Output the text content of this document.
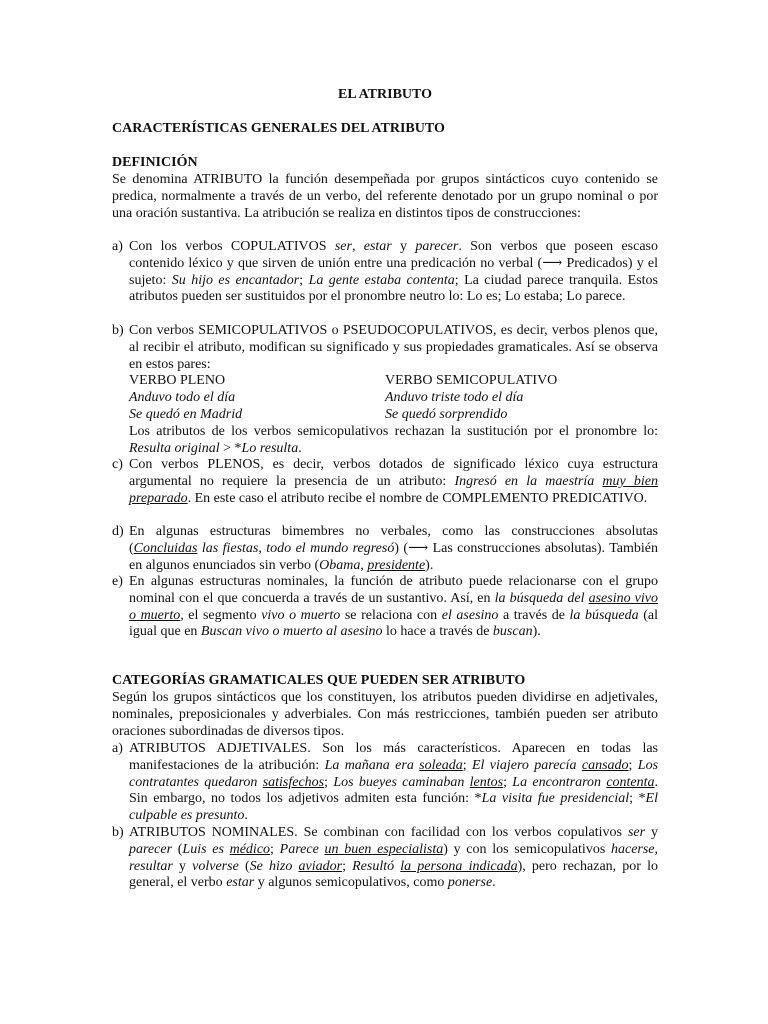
EL ATRIBUTO
CARACTERÍSTICAS GENERALES DEL ATRIBUTO
DEFINICIÓN
Se denomina ATRIBUTO la función desempeñada por grupos sintácticos cuyo contenido se predica, normalmente a través de un verbo, del referente denotado por un grupo nominal o por una oración sustantiva. La atribución se realiza en distintos tipos de construcciones:
a) Con los verbos COPULATIVOS ser, estar y parecer. Son verbos que poseen escaso contenido léxico y que sirven de unión entre una predicación no verbal (⟶ Predicados) y el sujeto: Su hijo es encantador; La gente estaba contenta; La ciudad parece tranquila. Estos atributos pueden ser sustituidos por el pronombre neutro lo: Lo es; Lo estaba; Lo parece.
b) Con verbos SEMICOPULATIVOS o PSEUDOCOPULATIVOS, es decir, verbos plenos que, al recibir el atributo, modifican su significado y sus propiedades gramaticales. Así se observa en estos pares:

VERBO PLENO	VERBO SEMICOPULATIVO
Anduvo todo el día	Anduvo triste todo el día
Se quedó en Madrid	Se quedó sorprendido

Los atributos de los verbos semicopulativos rechazan la sustitución por el pronombre lo: Resulta original > *Lo resulta.

c) Con verbos PLENOS, es decir, verbos dotados de significado léxico cuya estructura argumental no requiere la presencia de un atributo: Ingresó en la maestría muy bien preparado. En este caso el atributo recibe el nombre de COMPLEMENTO PREDICATIVO.
d) En algunas estructuras bimembres no verbales, como las construcciones absolutas (Concluidas las fiestas, todo el mundo regresó) (⟶ Las construcciones absolutas). También en algunos enunciados sin verbo (Obama, presidente).
e) En algunas estructuras nominales, la función de atributo puede relacionarse con el grupo nominal con el que concuerda a través de un sustantivo. Así, en la búsqueda del asesino vivo o muerto, el segmento vivo o muerto se relaciona con el asesino a través de la búsqueda (al igual que en Buscan vivo o muerto al asesino lo hace a través de buscan).
CATEGORÍAS GRAMATICALES QUE PUEDEN SER ATRIBUTO
Según los grupos sintácticos que los constituyen, los atributos pueden dividirse en adjetivales, nominales, preposicionales y adverbiales. Con más restricciones, también pueden ser atributo oraciones subordinadas de diversos tipos.
a) ATRIBUTOS ADJETIVALES. Son los más característicos. Aparecen en todas las manifestaciones de la atribución: La mañana era soleada; El viajero parecía cansado; Los contratantes quedaron satisfechos; Los bueyes caminaban lentos; La encontraron contenta. Sin embargo, no todos los adjetivos admiten esta función: *La visita fue presidencial; *El culpable es presunto.
b) ATRIBUTOS NOMINALES. Se combinan con facilidad con los verbos copulativos ser y parecer (Luis es médico; Parece un buen especialista) y con los semicopulativos hacerse, resultar y volverse (Se hizo aviador; Resultó la persona indicada), pero rechazan, por lo general, el verbo estar y algunos semicopulativos, como ponerse.
